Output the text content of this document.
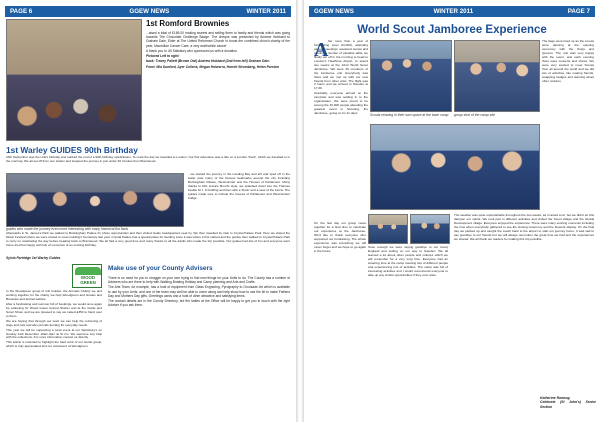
PAGE 6	GGEW NEWS	WINTER 2011
1st Romford Brownies

...aised a total of £165.00 making sweets and selling them to family and friends which was going towards The Chocolate Challenge Badge. The cheque was presented by Andrew Hubbard to Graham Dale, Elder at The United Reformed Church to boost the combined church charity of the year, Macmillan Cancer Care, a very worthwhile cause!

A thank you to Jill Salisbury who sponsored us with a donation.

Pictured Left to right:

back: Tracey Pallett (Brown Owl) Andrew Hubbard (2nd from left) Graham Dale.

Front: Mia Dunford, Ayer Collens, Megan Holwerra, Harriet Stromberg, Helen Parston

1st Warley GUIDES 90th Birthday
24th September was the Unit's birthday and marked the end of a 90th birthday celebrations. To mark the day we travelled to London. Our first adventure was a ride on a London 'Duck', which we travelled to in the morning. We all set off from one station and stopped the journey in just under 40 minutes from Brentwood.
guides who made the journey even more interesting with many historical fun facts
...we started the journey in the Landing Bay and left and sped off in the water past many of the famous landmarks around the city including Buckingham Palace, Westminster and the Houses of Parliament. Many thanks to Mrs Joanne Bond's style, we splashed down into the Thames beside M. I. 6 building and then with a 'Duck' and a view of the Ferris, The guides made sure to include the houses of Parliament and Westminster bridge.
Afterwards in St. James's Park we walked to Buckingham Palace for photo opportunities and then visited Guide headquarters near by. We then travelled by train to Crystal Palace Park. Here we visited the Music Festival where we were invited to meet Guiding's Centenary last year. Crystal Palace has a special place for Guiding since it was where it first started and the guides then walked to Crystal Palace Park to carry on celebrating the day before heading back to Brentwood. We all had a very good time and many thanks to all the adults who made the trip possible. Our guides had lots of fun and everyone went home tired but happy with lots of memories of an exciting birthday.
Sylvia Partridge 1st Warley Guides
WOOD
GREEN

In the Woodgreen group of Girl Guides, the Animals Charity we and working together for the charity we help Woodgreen and Guides and Brownies and animal welfare.

After a fundraising and summer full of bookings, we would once again be collecting for Wood Green Animal Shelter and at the Guide and Scout Show, and we are pleased to say we raised £350 to hand over to them.

We are hoping that through our work we can help the rehoming of dogs and cats and also provide funding for everyday needs.

This year we will be supporting a local event at our Sainsbury's on Sunday 11th December 10am-3pm at St Ivo. We welcome any help with the collections. For more information contact us directly.

This article is intended to highlight the hard work of our Guide group, which is truly appreciated and our volunteers at Woodgreen.

Make use of your County Advisers

There is no need for you to struggle on your own trying to find new things for your Units to do. The County has a number of Advisers who are there to help with Walking Boating Holiday and Camp planning and Arts and Crafts.

The Arts Team, for example, has a host of equipment from Glass Engraving, Pyrography to Grousade Art which is available to use by your Units, and one of the team may well be able to come along and help show how to use the kit to make Fathers Day and Mothers Day gifts, Greetings cards and a host of other attractive and satisfying items.

The contact details are in the County Directory, but the ladies at the Office will be happy to get you in touch with the right Adviser if you ask them.

GGEW NEWS	WINTER 2011	PAGE 7
World Scout Jamboree Experience
A fter more than a year of fundraising (over £3,000), attending various meetings, weekend camps and gaining a number of valuable skills, we finally set off in the morning to head to London's Heathrow Airport, to spend two weeks at the 22nd World Scout Jamboree. We were 39 members of the Jamboree unit. Everybody was there and we met up with our new friends from other units. The flight was 2 hours and we arrived in Sweden at 17.30.

Gradually, everyone arrived on the campsite and was settling in to the organisation. We were proud to be among the 40,000 people attending the greatest event in Scouting, the Jamboree, going on for 11 days.	Scouts relaxing in their own space at the base camp	group shot of the camp site
The flags were lined up as the scouts were dancing at the opening ceremony with the Kings and Queens. The unit was very happy with the event, and each evening there were concerts and shows. We were very excited to meet Scouts from all around the world and we did lots of activities, like making friends, swapping badges and learning about other cultures.
On the last day our group came together for a final time to celebrate our experience at the Jamboree. We'd like to thank everyone who supported our fundraising. The whole experience was something we will never forget and we hope to go again in the future.
Soon enough we were saying goodbye to our lovely England and setting on our way to Sweden. We all learned a lot about other people and cultures which we will remember for a very long time. Everyone had an amazing time at the camp meeting lots of different people and experiencing lots of activities. The camp was full of interesting activities and I would recommend everyone to take up any similar opportunities if they ever arise.

The weather was quite unpredictable throughout the two weeks, as it rained a lot, but we didn't let this dampen our spirits. We took part in different activities and visited the Scout village and the Global Development village. Everyone enjoyed the experience. There were many exciting moments including the time when everybody gathered to see the closing ceremony and the firework display. On the final day we packed up and caught the coach back to the airport to start our journey home. It was sad to say goodbye to our friends but we will always remember the great time we had and the experiences we shared. We all thank our leaders for making this trip possible.

Katherine Ramsay,
Celebrate (St John's) Senior Section
